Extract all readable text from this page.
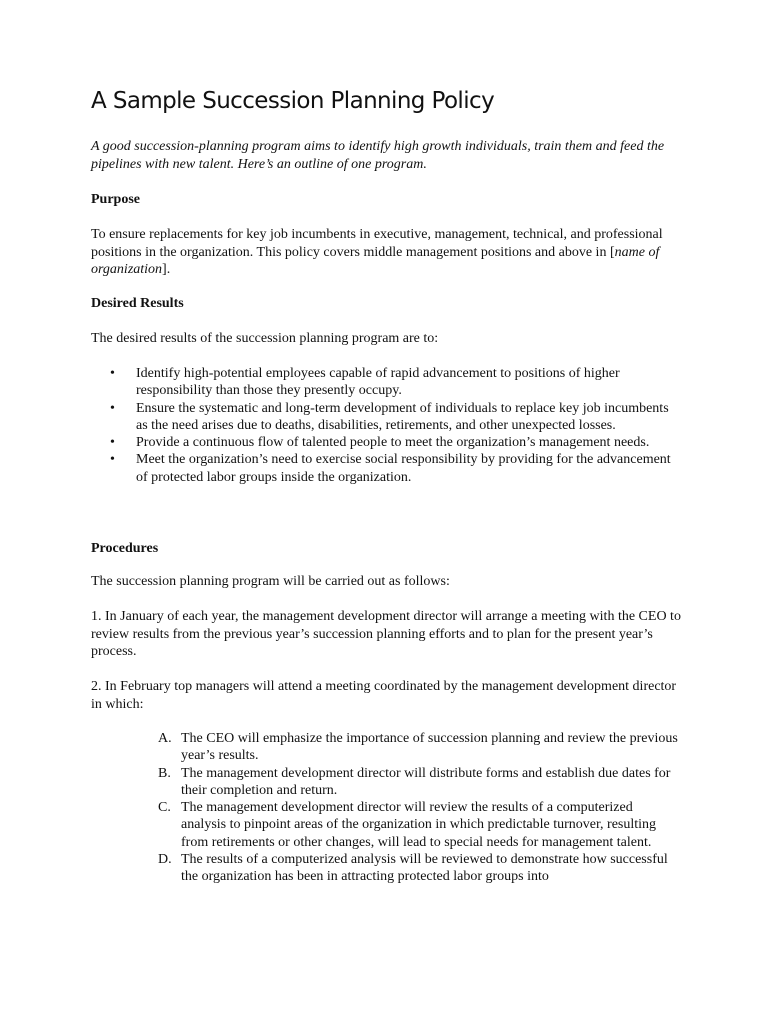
A Sample Succession Planning Policy
A good succession-planning program aims to identify high growth individuals, train them and feed the pipelines with new talent. Here’s an outline of one program.
Purpose
To ensure replacements for key job incumbents in executive, management, technical, and professional positions in the organization. This policy covers middle management positions and above in [name of organization].
Desired Results
The desired results of the succession planning program are to:
• Identify high-potential employees capable of rapid advancement to positions of higher responsibility than those they presently occupy.
• Ensure the systematic and long-term development of individuals to replace key job incumbents as the need arises due to deaths, disabilities, retirements, and other unexpected losses.
• Provide a continuous flow of talented people to meet the organization’s management needs.
• Meet the organization’s need to exercise social responsibility by providing for the advancement of protected labor groups inside the organization.
Procedures
The succession planning program will be carried out as follows:
1. In January of each year, the management development director will arrange a meeting with the CEO to review results from the previous year’s succession planning efforts and to plan for the present year’s process.
2. In February top managers will attend a meeting coordinated by the management development director in which:
A. The CEO will emphasize the importance of succession planning and review the previous year’s results.
B. The management development director will distribute forms and establish due dates for their completion and return.
C. The management development director will review the results of a computerized analysis to pinpoint areas of the organization in which predictable turnover, resulting from retirements or other changes, will lead to special needs for management talent.
D. The results of a computerized analysis will be reviewed to demonstrate how successful the organization has been in attracting protected labor groups into
